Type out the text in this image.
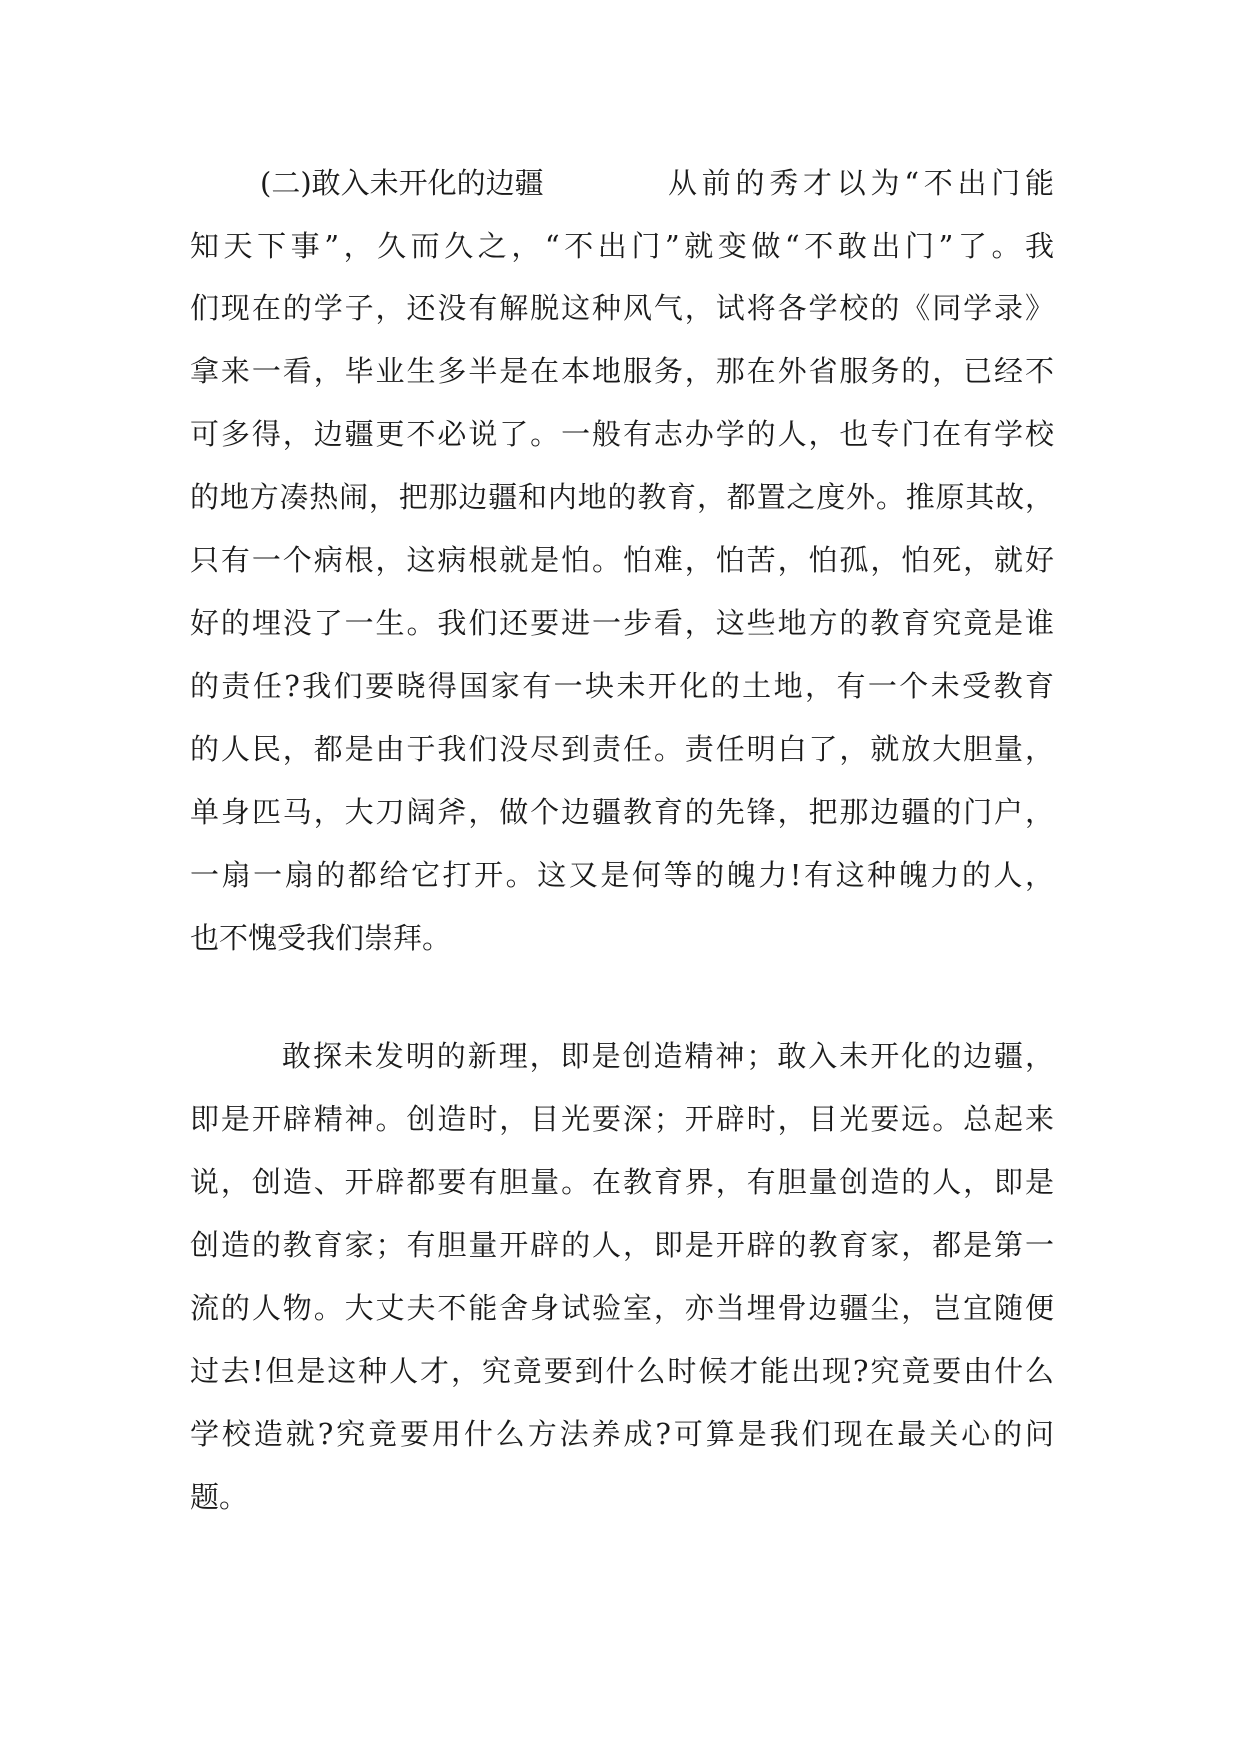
(二)敢入未开化的边疆	从前的秀才以为“不出门能
知天下事”，久而久之，“不出门”就变做“不敢出门”了。我
们现在的学子，还没有解脱这种风气，试将各学校的《同学录》
拿来一看，毕业生多半是在本地服务，那在外省服务的，已经不
可多得，边疆更不必说了。一般有志办学的人，也专门在有学校
的地方凑热闹，把那边疆和内地的教育，都置之度外。推原其故，
只有一个病根，这病根就是怕。怕难，怕苦，怕孤，怕死，就好
好的埋没了一生。我们还要进一步看，这些地方的教育究竟是谁
的责任?我们要晓得国家有一块未开化的土地，有一个未受教育
的人民，都是由于我们没尽到责任。责任明白了，就放大胆量，
单身匹马，大刀阔斧，做个边疆教育的先锋，把那边疆的门户，
一扇一扇的都给它打开。这又是何等的魄力!有这种魄力的人，
也不愧受我们崇拜。
敢探未发明的新理，即是创造精神；敢入未开化的边疆，
即是开辟精神。创造时，目光要深；开辟时，目光要远。总起来
说，创造、开辟都要有胆量。在教育界，有胆量创造的人，即是
创造的教育家；有胆量开辟的人，即是开辟的教育家，都是第一
流的人物。大丈夫不能舍身试验室，亦当埋骨边疆尘，岂宜随便
过去!但是这种人才，究竟要到什么时候才能出现?究竟要由什么
学校造就?究竟要用什么方法养成?可算是我们现在最关心的问
题。
